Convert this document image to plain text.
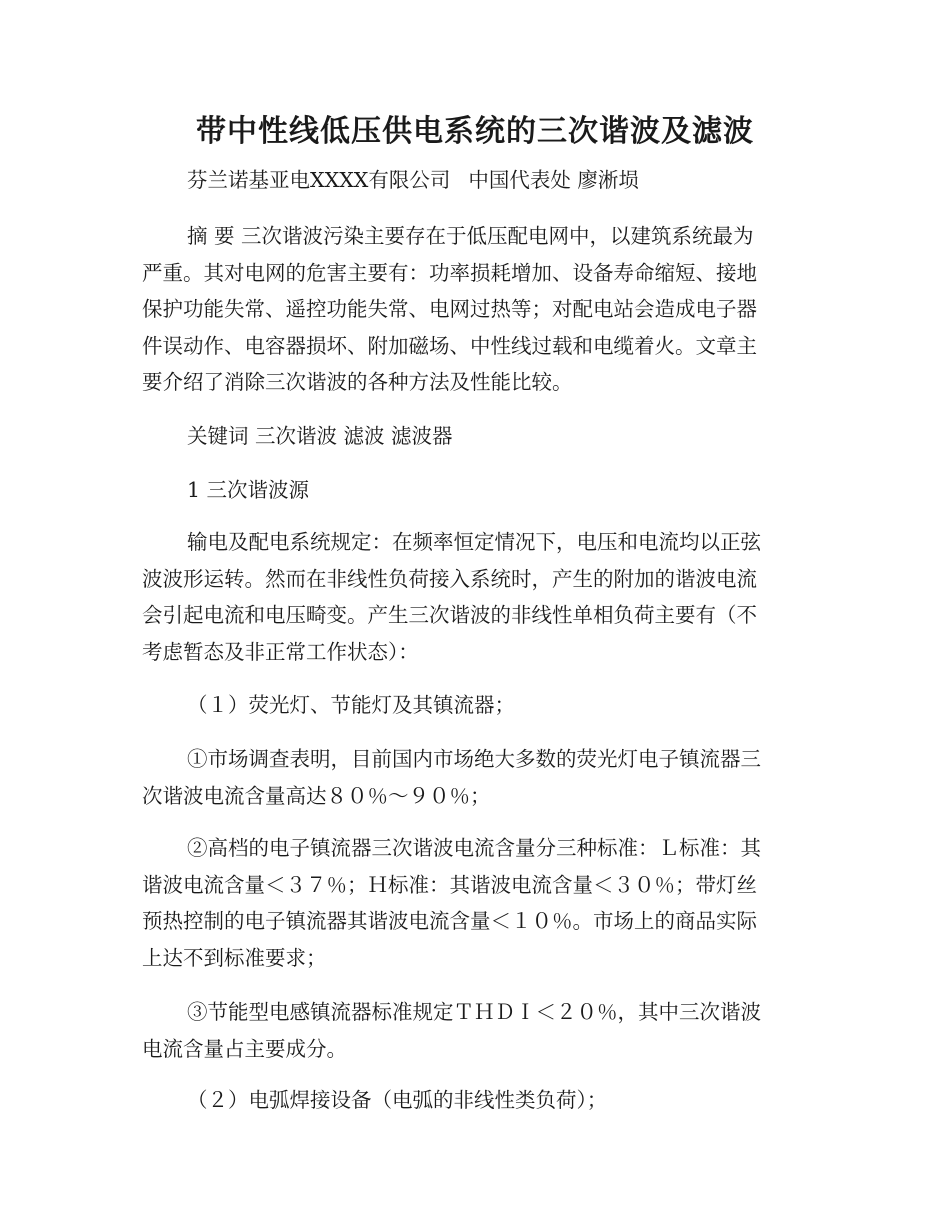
带中性线低压供电系统的三次谐波及滤波
芬兰诺基亚电XXXX有限公司 中国代表处 廖淅埙
摘 要 三次谐波污染主要存在于低压配电网中，以建筑系统最为
严重。其对电网的危害主要有：功率损耗增加、设备寿命缩短、接地
保护功能失常、遥控功能失常、电网过热等；对配电站会造成电子器
件误动作、电容器损坏、附加磁场、中性线过载和电缆着火。文章主
要介绍了消除三次谐波的各种方法及性能比较。
关键词 三次谐波 滤波 滤波器
1 三次谐波源
输电及配电系统规定：在频率恒定情况下，电压和电流均以正弦
波波形运转。然而在非线性负荷接入系统时，产生的附加的谐波电流
会引起电流和电压畸变。产生三次谐波的非线性单相负荷主要有（不
考虑暂态及非正常工作状态）：
（１）荧光灯、节能灯及其镇流器；
①市场调查表明，目前国内市场绝大多数的荧光灯电子镇流器三
次谐波电流含量高达８０％～９０％；
②高档的电子镇流器三次谐波电流含量分三种标准：Ｌ标准：其
谐波电流含量＜３７％；Ｈ标准：其谐波电流含量＜３０％；带灯丝
预热控制的电子镇流器其谐波电流含量＜１０％。市场上的商品实际
上达不到标准要求；
③节能型电感镇流器标准规定ＴＨＤＩ＜２０％，其中三次谐波
电流含量占主要成分。
（２）电弧焊接设备（电弧的非线性类负荷）；
